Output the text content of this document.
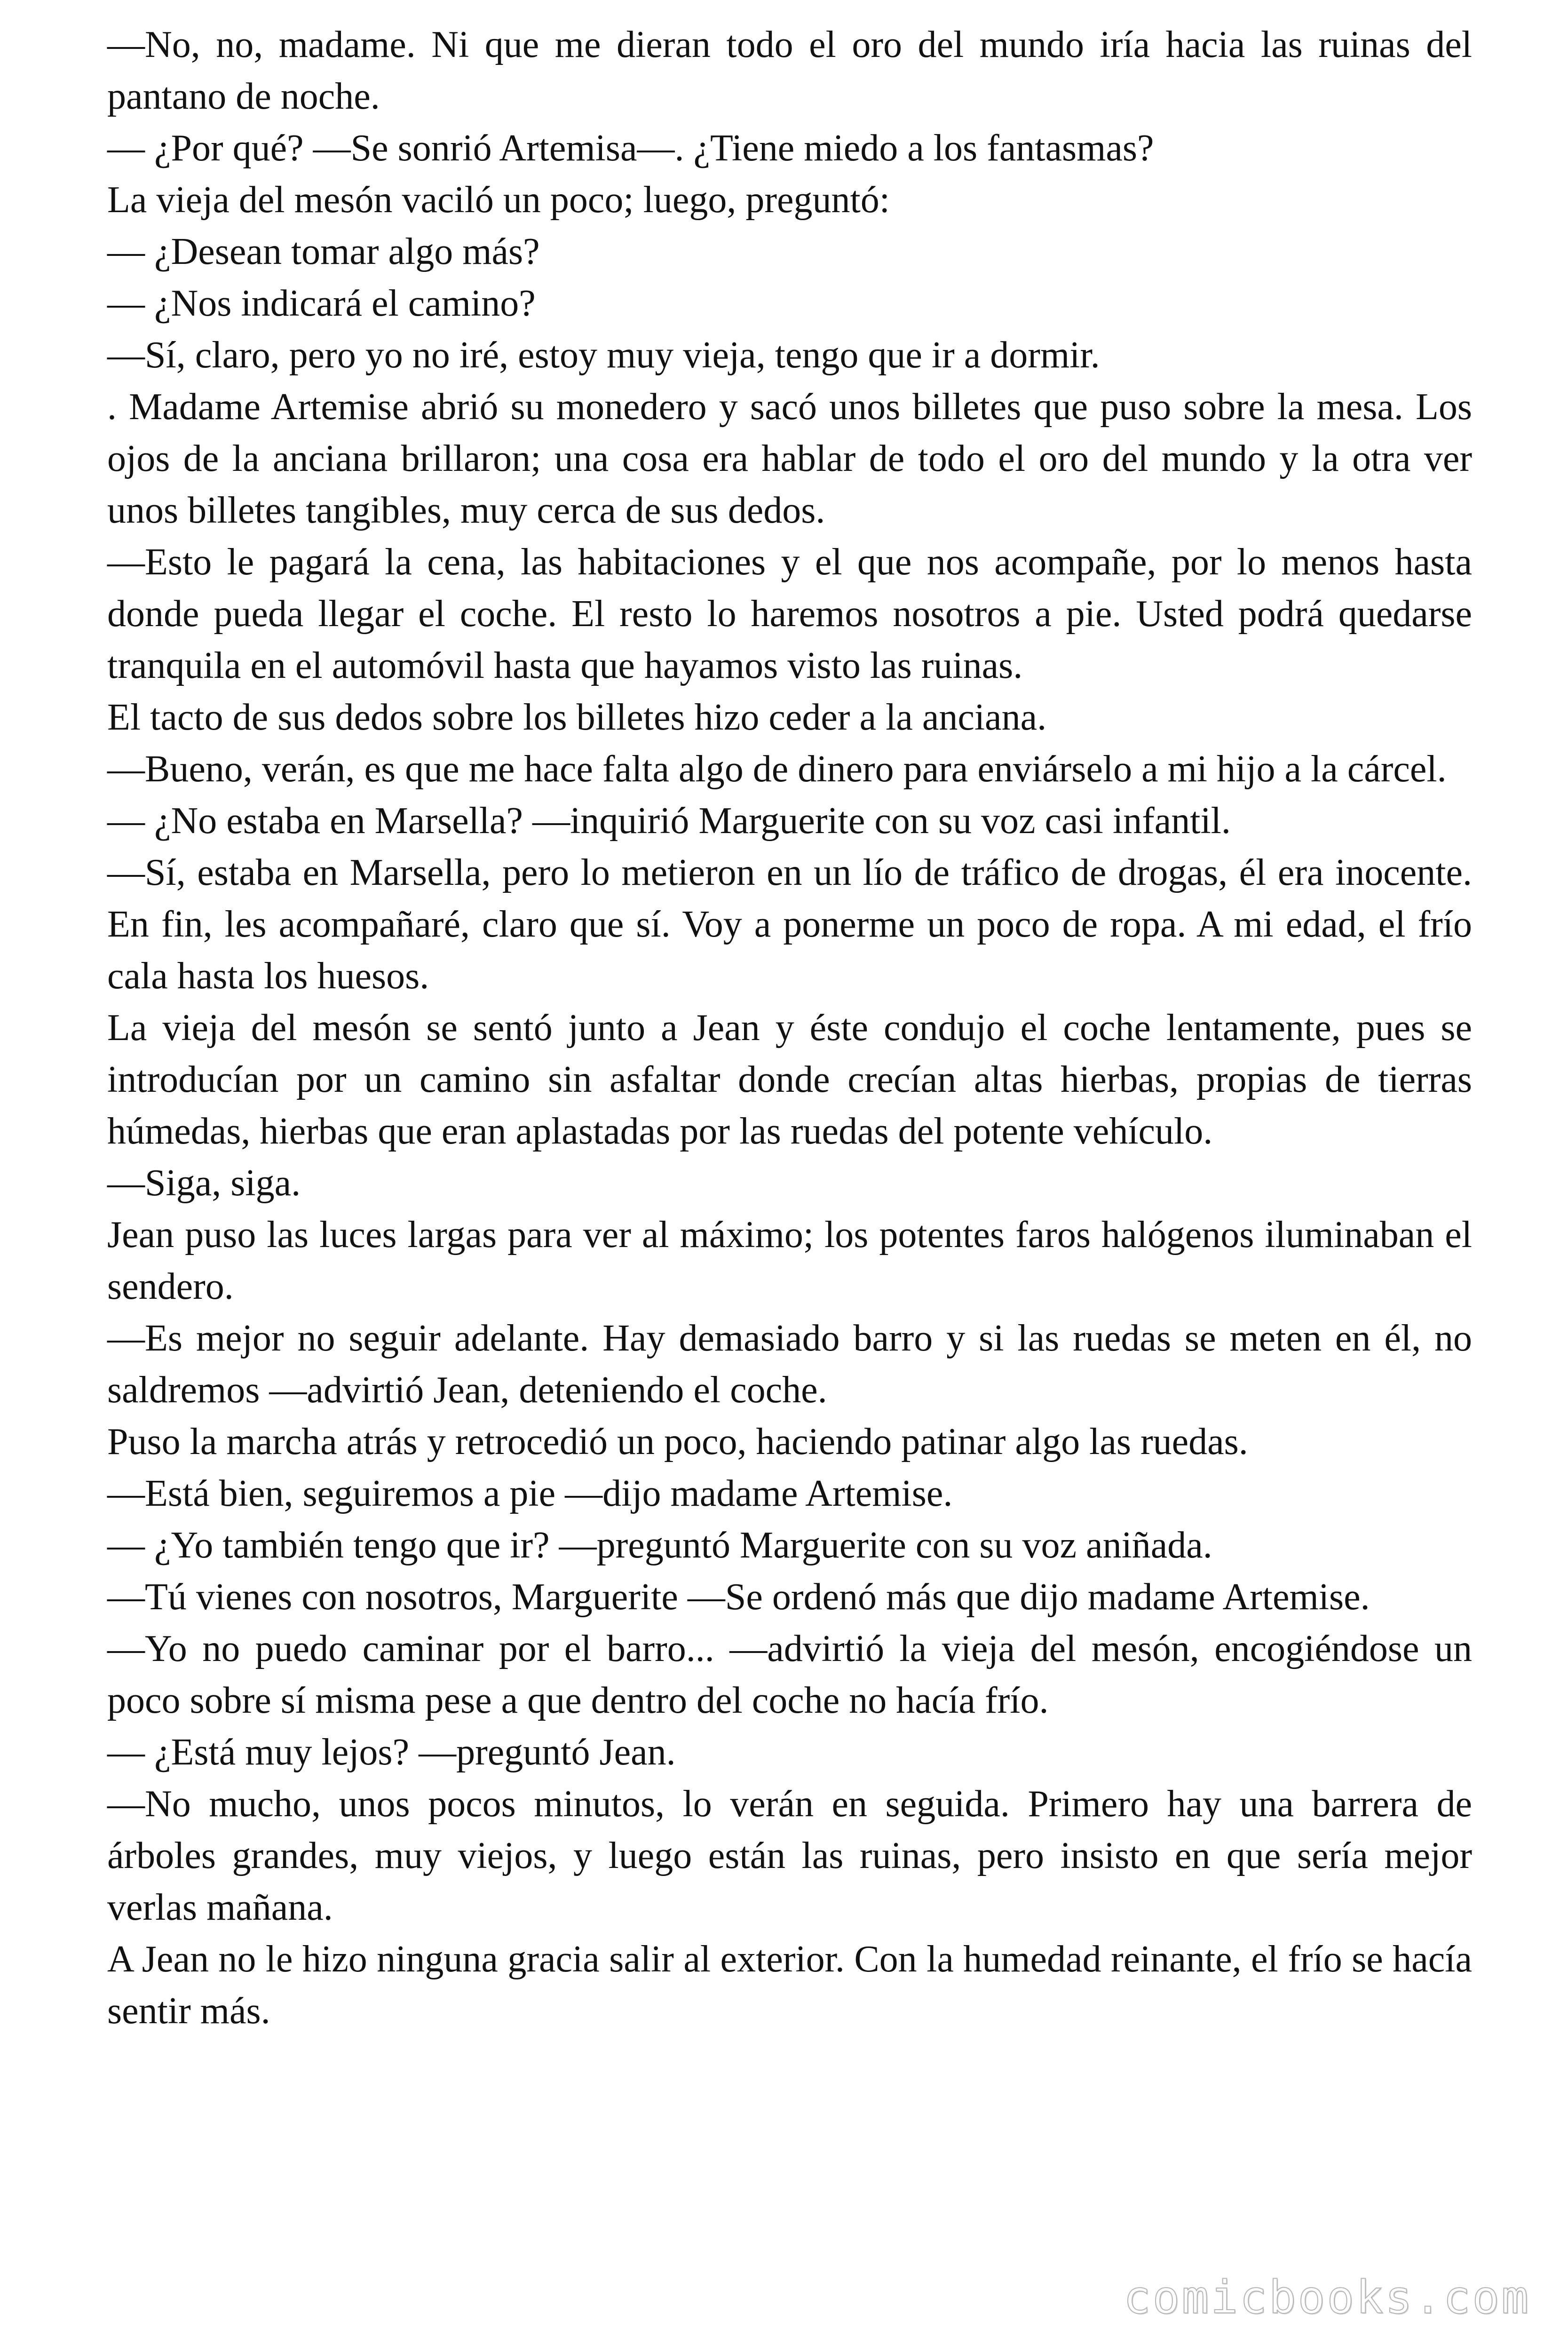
—No, no, madame. Ni que me dieran todo el oro del mundo iría hacia las ruinas del pantano de noche.

— ¿Por qué? —Se sonrió Artemisa—. ¿Tiene miedo a los fantasmas?

La vieja del mesón vaciló un poco; luego, preguntó:

— ¿Desean tomar algo más?

— ¿Nos indicará el camino?

—Sí, claro, pero yo no iré, estoy muy vieja, tengo que ir a dormir.

. Madame Artemise abrió su monedero y sacó unos billetes que puso sobre la mesa. Los ojos de la anciana brillaron; una cosa era hablar de todo el oro del mundo y la otra ver unos billetes tangibles, muy cerca de sus dedos.

—Esto le pagará la cena, las habitaciones y el que nos acompañe, por lo menos hasta donde pueda llegar el coche. El resto lo haremos nosotros a pie. Usted podrá quedarse tranquila en el automóvil hasta que hayamos visto las ruinas.

El tacto de sus dedos sobre los billetes hizo ceder a la anciana.

—Bueno, verán, es que me hace falta algo de dinero para enviárselo a mi hijo a la cárcel.

— ¿No estaba en Marsella? —inquirió Marguerite con su voz casi infantil.

—Sí, estaba en Marsella, pero lo metieron en un lío de tráfico de drogas, él era inocente. En fin, les acompañaré, claro que sí. Voy a ponerme un poco de ropa. A mi edad, el frío cala hasta los huesos.

La vieja del mesón se sentó junto a Jean y éste condujo el coche lentamente, pues se introducían por un camino sin asfaltar donde crecían altas hierbas, propias de tierras húmedas, hierbas que eran aplastadas por las ruedas del potente vehículo.

—Siga, siga.

Jean puso las luces largas para ver al máximo; los potentes faros halógenos iluminaban el sendero.

—Es mejor no seguir adelante. Hay demasiado barro y si las ruedas se meten en él, no saldremos —advirtió Jean, deteniendo el coche.

Puso la marcha atrás y retrocedió un poco, haciendo patinar algo las ruedas.

—Está bien, seguiremos a pie —dijo madame Artemise.

— ¿Yo también tengo que ir? —preguntó Marguerite con su voz aniñada.

—Tú vienes con nosotros, Marguerite —Se ordenó más que dijo madame Artemise.

—Yo no puedo caminar por el barro... —advirtió la vieja del mesón, encogiéndose un poco sobre sí misma pese a que dentro del coche no hacía frío.

— ¿Está muy lejos? —preguntó Jean.

—No mucho, unos pocos minutos, lo verán en seguida. Primero hay una barrera de árboles grandes, muy viejos, y luego están las ruinas, pero insisto en que sería mejor verlas mañana.

A Jean no le hizo ninguna gracia salir al exterior. Con la humedad reinante, el frío se hacía sentir más.

comicbooks.com
